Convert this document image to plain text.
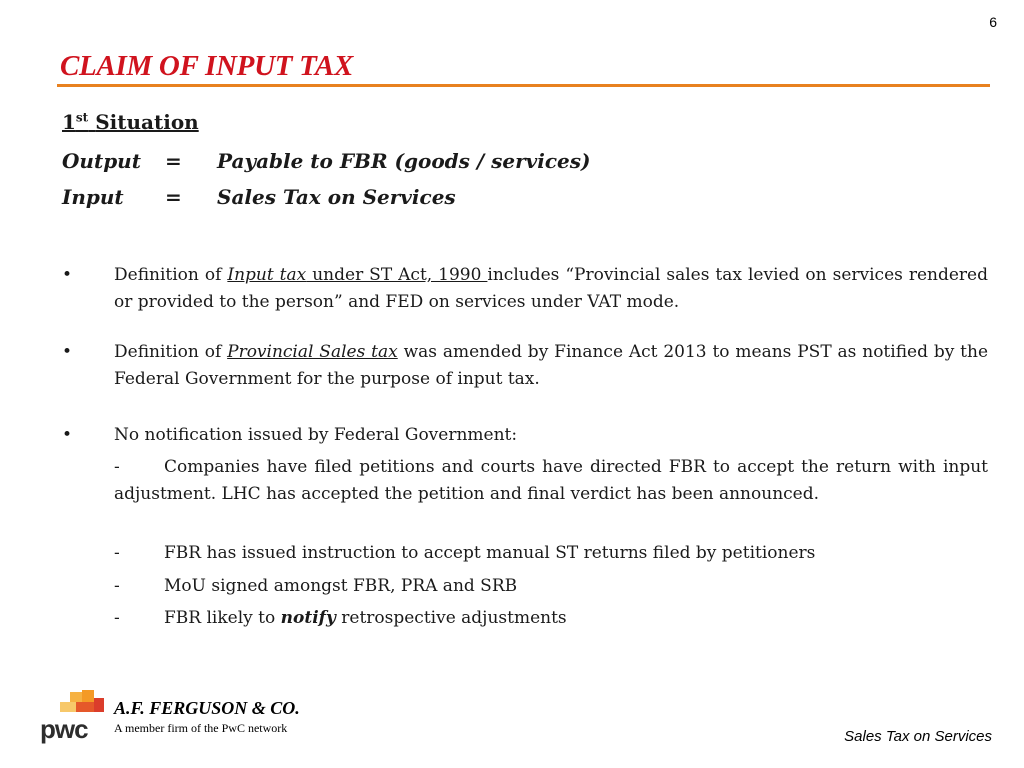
6
CLAIM OF INPUT TAX
1st Situation
Output = Payable to FBR (goods / services)
Input = Sales Tax on Services
•	Definition of Input tax under ST Act, 1990 includes “Provincial sales tax levied on services rendered or provided to the person” and FED on services under VAT mode.
•	Definition of Provincial Sales tax was amended by Finance Act 2013 to means PST as notified by the Federal Government for the purpose of input tax.
•	No notification issued by Federal Government:
-	Companies have filed petitions and courts have directed FBR to accept the return with input adjustment. LHC has accepted the petition and final verdict has been announced.
-	FBR has issued instruction to accept manual ST returns filed by petitioners
-	MoU signed amongst FBR, PRA and SRB
-	FBR likely to notify retrospective adjustments
pwc
A.F. FERGUSON & CO.
A member firm of the PwC network	Sales Tax on Services
